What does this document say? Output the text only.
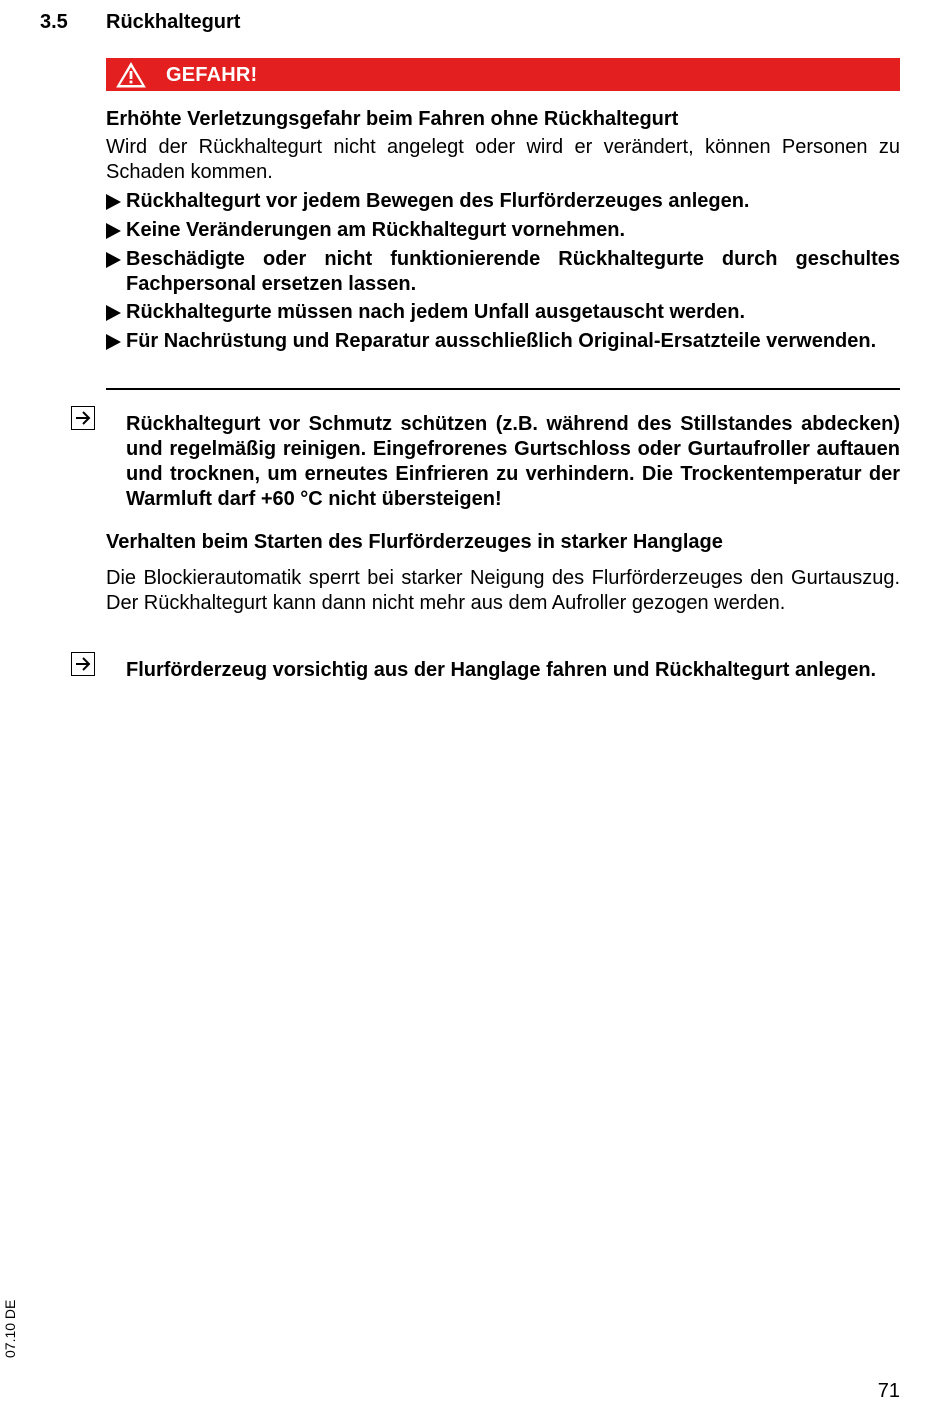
3.5 Rückhaltegurt
GEFAHR!
Erhöhte Verletzungsgefahr beim Fahren ohne Rückhaltegurt
Wird der Rückhaltegurt nicht angelegt oder wird er verändert, können Personen zu Schaden kommen.
Rückhaltegurt vor jedem Bewegen des Flurförderzeuges anlegen.
Keine Veränderungen am Rückhaltegurt vornehmen.
Beschädigte oder nicht funktionierende Rückhaltegurte durch geschultes Fachpersonal ersetzen lassen.
Rückhaltegurte müssen nach jedem Unfall ausgetauscht werden.
Für Nachrüstung und Reparatur ausschließlich Original-Ersatzteile verwenden.
Rückhaltegurt vor Schmutz schützen (z.B. während des Stillstandes abdecken) und regelmäßig reinigen. Eingefrorenes Gurtschloss oder Gurtaufroller auftauen und trocknen, um erneutes Einfrieren zu verhindern. Die Trockentemperatur der Warmluft darf +60 °C nicht übersteigen!
Verhalten beim Starten des Flurförderzeuges in starker Hanglage
Die Blockierautomatik sperrt bei starker Neigung des Flurförderzeuges den Gurtauszug. Der Rückhaltegurt kann dann nicht mehr aus dem Aufroller gezogen werden.
Flurförderzeug vorsichtig aus der Hanglage fahren und Rückhaltegurt anlegen.
07.10 DE
71
